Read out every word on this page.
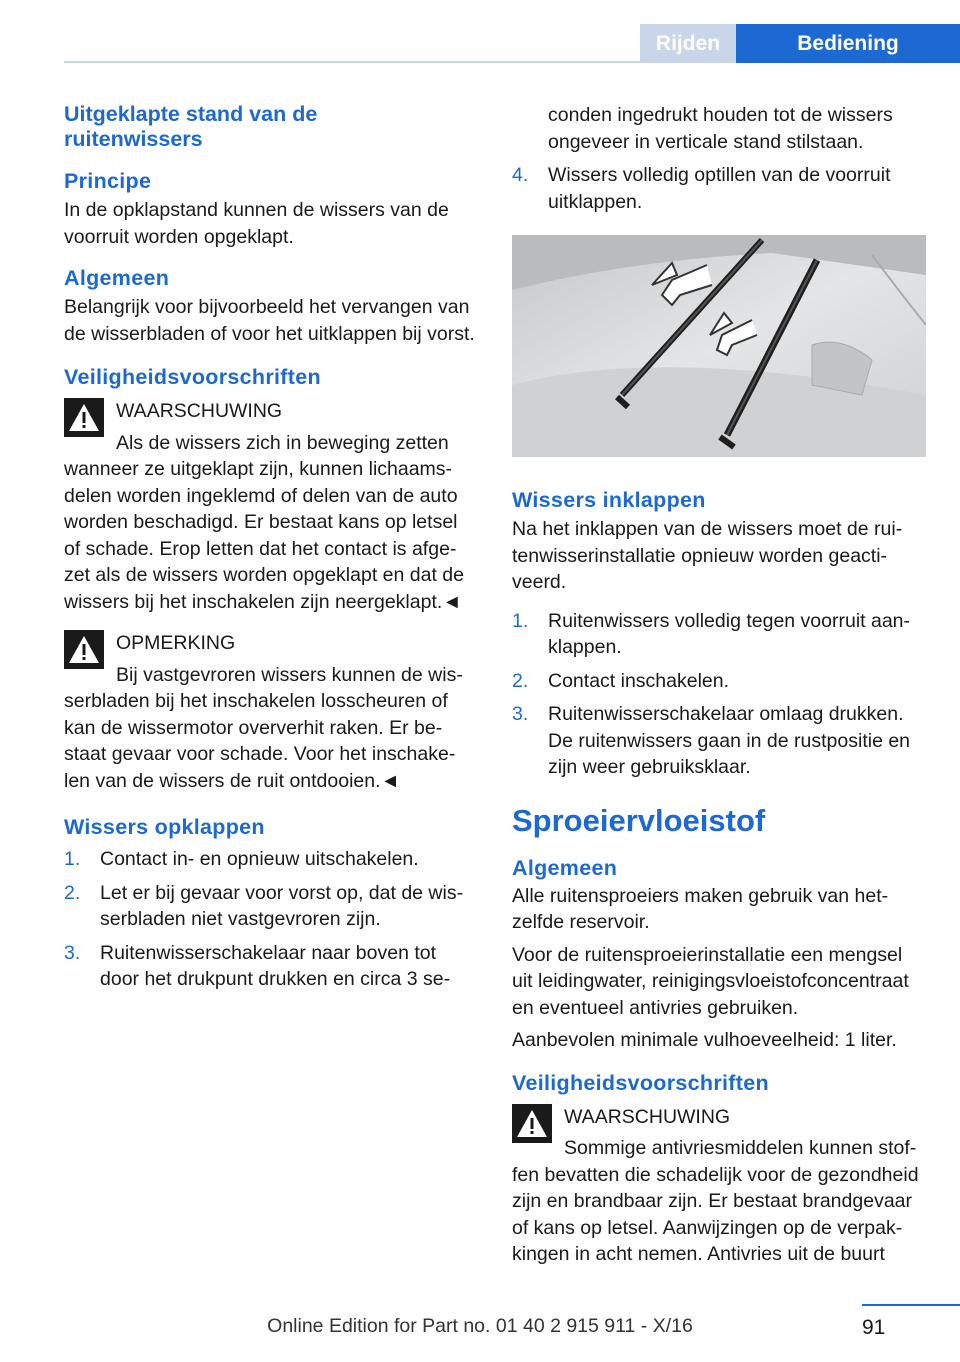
Rijden	Bediening
Uitgeklapte stand van de ruitenwissers
Principe

In de opklapstand kunnen de wissers van de voorruit worden opgeklapt.

Algemeen

Belangrijk voor bijvoorbeeld het vervangen van de wisserbladen of voor het uitklappen bij vorst.

Veiligheidsvoorschriften
WAARSCHUWING

Als de wissers zich in beweging zetten wanneer ze uitgeklapt zijn, kunnen lichaams-delen worden ingeklemd of delen van de auto worden beschadigd. Er bestaat kans op letsel of schade. Erop letten dat het contact is afge-zet als de wissers worden opgeklapt en dat de wissers bij het inschakelen zijn neergeklapt.◄

OPMERKING

Bij vastgevroren wissers kunnen de wis-serbladen bij het inschakelen losscheuren of kan de wissermotor oververhit raken. Er be-staat gevaar voor schade. Voor het inschake-len van de wissers de ruit ontdooien.◄

Wissers opklappen
1. Contact in- en opnieuw uitschakelen.
2. Let er bij gevaar voor vorst op, dat de wis-serbladen niet vastgevroren zijn.
3. Ruitenwisserschakelaar naar boven tot door het drukpunt drukken en circa 3 se-
conden ingedrukt houden tot de wissers ongeveer in verticale stand stilstaan.
4. Wissers volledig optillen van de voorruit uitklappen.
Wissers inklappen

Na het inklappen van de wissers moet de rui-tenwisserinstallatie opnieuw worden geacti-veerd.

1. Ruitenwissers volledig tegen voorruit aan-klappen.
2. Contact inschakelen.
3. Ruitenwisserschakelaar omlaag drukken. De ruitenwissers gaan in de rustpositie en zijn weer gebruiksklaar.
Sproeiervloeistof
Algemeen

Alle ruitensproeiers maken gebruik van het-zelfde reservoir.

Voor de ruitensproeierinstallatie een mengsel uit leidingwater, reinigingsvloeistofconcentraat en eventueel antivries gebruiken.

Aanbevolen minimale vulhoeveelheid: 1 liter.

Veiligheidsvoorschriften
WAARSCHUWING

Sommige antivriesmiddelen kunnen stof-fen bevatten die schadelijk voor de gezondheid zijn en brandbaar zijn. Er bestaat brandgevaar of kans op letsel. Aanwijzingen op de verpak-kingen in acht nemen. Antivries uit de buurt

91
Online Edition for Part no. 01 40 2 915 911 - X/16
